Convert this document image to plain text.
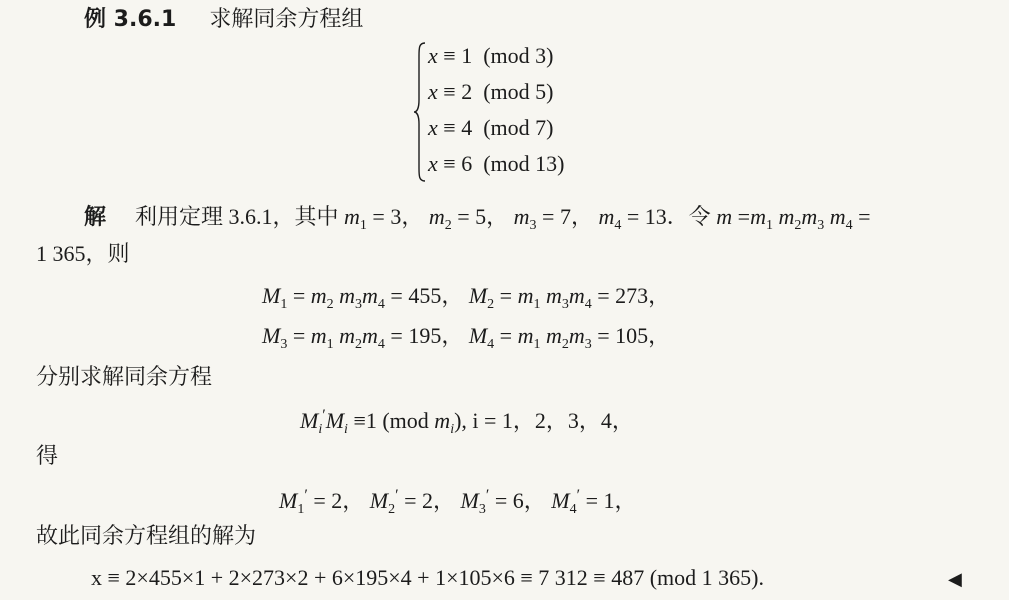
例 3.6.1 求解同余方程组
x ≡ 1 (mod 3)
x ≡ 2 (mod 5)
x ≡ 4 (mod 7)
x ≡ 6 (mod 13)
解 利用定理 3.6.1，其中 $m_1 = 3$， $m_2 = 5$， $m_3 = 7$， $m_4 = 13$．令 $m =m_1$ $m_2m_3$ $m_4$ =
1 365，则
$M_1 = m_2$ $m_3m_4 = 455$， $M_2 = m_1$ $m_3m_4 = 273$，
$M_3 = m_1$ $m_2m_4 = 195$， $M_4 = m_1$ $m_2m_3 = 105$，
分别求解同余方程
$M_i'M_i \equiv 1$ (mod $m_i$), i = 1，2，3，4，
得
$M_1' = 2$， $M_2' = 2$， $M_3' = 6$， $M_4' = 1$，
故此同余方程组的解为
x ≡ 2×455×1 + 2×273×2 + 6×195×4 + 1×105×6 ≡ 7 312 ≡ 487 (mod 1 365).	◀
